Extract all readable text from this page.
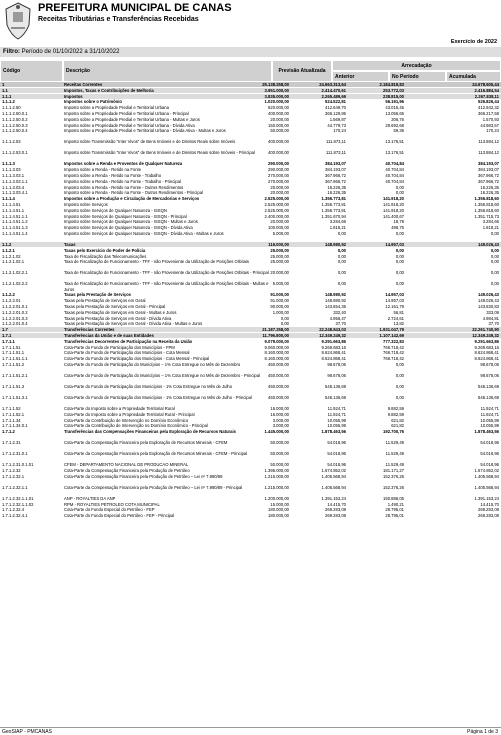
PREFEITURA MUNICIPAL DE CANAS
Receitas Tributárias e Transferências Recebidas
Exercício de 2022
Filtro: Período de 01/10/2022 a 31/10/2022
Código	Descrição	Previsão Atualizada
Arrecadação
Anterior	No Período	Acumulada
1	Receitas Correntes	25.138.258,00	24.663.313,64	2.184.819,83	24.678.605,44
1.1	Impostos, Taxas e Contribuições de Melhoria	3.951.000,00	2.414.470,61	253.772,03	2.416.884,54
1.1.1	Impostos	3.835.000,00	2.265.489,69	238.815,00	2.267.838,11
1.1.1.2	Impostos sobre o Patrimônio	1.020.000,00	524.522,81	56.191,96	526.826,44
1.1.1.2.50	Imposto sobre a Propriedade Predial e Territorial Urbana	620.000,00	412.649,70	43.015,45	412.942,32
1.1.1.2.50.0.1	Imposto sobre a Propriedade Predial e Territorial Urbana - Principal	400.000,00	366.129,86	13.056,65	366.217,58
1.1.1.2.50.0.2	Imposto sobre a Propriedade Predial e Territorial Urbana - Multas e Juros	20.000,00	1.569,87	206,76	1.570,93
1.1.1.2.50.0.3	Imposto sobre a Propriedade Predial e Territorial Urbana - Dívida Ativa	150.000,00	44.779,73	29.692,68	44.983,57
1.1.1.2.50.0.4	Imposto sobre a Propriedade Predial e Territorial Urbana - Dívida Ativa - Multas e Juros	50.000,00	170,24	59,36	170,24
1.1.1.2.53	Imposto sobre Transmissão "Inter Vivos" de Bens Imóveis e de Direitos Reais sobre Imóveis	400.000,00	111.873,11	13.176,51	113.884,12
1.1.1.2.53.0.1	Imposto sobre Transmissão "Inter Vivos" de Bens Imóveis e de Direitos Reais sobre Imóveis - Principal	400.000,00	111.873,11	13.176,51	113.884,12
1.1.1.3	Impostos sobre a Renda e Proventos de Qualquer Natureza	290.000,00	384.193,07	40.704,84	384.193,07
1.1.1.3.03	Imposto sobre a Renda - Retido na Fonte	290.000,00	384.193,07	40.704,84	384.193,07
1.1.1.3.03.1	Imposto sobre a Renda - Retido na Fonte - Trabalho	270.000,00	367.966,72	40.704,84	367.966,72
1.1.1.3.03.1.1	Imposto sobre a Renda - Retido na Fonte - Trabalho - Principal	270.000,00	367.966,72	40.704,84	367.966,72
1.1.1.3.03.4	Imposto sobre a Renda - Retido na Fonte - Outros Rendimentos	20.000,00	16.226,35	0,00	16.226,35
1.1.1.3.03.4.1	Imposto sobre a Renda - Retido na Fonte - Outros Rendimentos - Principal	20.000,00	16.226,35	0,00	16.226,35
1.1.1.4	Impostos sobre a Produção e Circulação de Mercadorias e Serviços	2.525.000,00	1.356.773,81	141.918,20	1.356.818,60
1.1.1.4.51	Imposto sobre Serviços	2.525.000,00	1.356.773,81	141.918,20	1.356.818,60
1.1.1.4.51.1	Imposto sobre Serviços de Qualquer Natureza - ISSQN	2.525.000,00	1.356.773,81	141.918,20	1.356.818,60
1.1.1.4.51.1.1	Imposto sobre Serviços de Qualquer Natureza - ISSQN - Principal	2.400.000,00	1.351.670,94	141.400,67	1.351.715,73
1.1.1.4.51.1.2	Imposto sobre Serviços de Qualquer Natureza - ISSQN - Multas e Juros	20.000,00	3.284,66	18,78	3.284,66
1.1.1.4.51.1.3	Imposto sobre Serviços de Qualquer Natureza - ISSQN - Dívida Ativa	100.000,00	1.818,21	498,75	1.818,21
1.1.1.4.51.1.4	Imposto sobre Serviços de Qualquer Natureza - ISSQN - Dívida Ativa - Multas e Juros	5.000,00	0,00	0,00	0,00
1.1.2	Taxas	116.000,00	148.980,92	14.957,03	149.026,43
1.1.2.1	Taxas pelo Exercício do Poder de Polícia	25.000,00	0,00	0,00	0,00
1.1.2.1.02	Taxa de Fiscalização das Telecomunicações	25.000,00	0,00	0,00	0,00
1.1.2.1.02.1	Taxa de Fiscalização de Funcionamento - TFF - não Proveniente da Utilização de Posições Orbitais	25.000,00	0,00	0,00	0,00
1.1.2.1.02.2.1	Taxa de Fiscalização de Funcionamento - TFF - não Proveniente da Utilização de Posições Orbitais - Principal 20.000,00	0,00	0,00	0,00
1.1.2.1.02.2.2	Taxa de Fiscalização de Funcionamento - TFF - não Proveniente da Utilização de Posições Orbitais - Multas e Juros
5.000,00	0,00	0,00	0,00
1.1.2.2	Taxas pela Prestação de Serviços	91.000,00	148.980,92	14.957,03	149.026,43
1.1.2.2.01	Taxas pela Prestação de Serviços em Geral	91.000,00	148.980,92	14.957,03	149.026,43
1.1.2.2.01.0.1	Taxas pela Prestação de Serviços em Geral - Principal	90.000,00	143.654,35	12.161,79	143.830,83
1.1.2.2.01.0.2	Taxas pela Prestação de Serviços em Geral - Multas e Juros	1.000,00	332,40	56,81	333,09
1.1.2.2.01.0.3	Taxas pela Prestação de Serviços em Geral - Dívida Ativa	0,00	4.956,47	2.724,61	4.984,81
1.1.2.2.01.0.4	Taxas pela Prestação de Serviços em Geral - Dívida Ativa - Multas e Juros	0,00	37,70	13,82	37,70
1.7	Transferências Correntes	21.187.258,00	22.248.843,03	1.931.047,79	22.261.740,90
1.7.1	Transferências da União e de suas Entidades	11.796.800,00	12.349.249,32	1.107.142,69	12.349.249,32
1.7.1.1	Transferências Decorrentes de Participação na Receita da União	9.079.000,00	9.291.663,86	777.322,83	9.291.663,86
1.7.1.1.51	Cota-Parte do Fundo de Participação dos Municípios - FPM	9.060.000,00	9.269.683,16	766.718,42	9.269.683,16
1.7.1.1.51.1	Cota-Parte do Fundo de Participação dos Municípios - Cota Mensal	8.160.000,00	8.624.868,41	766.718,42	8.624.868,41
1.7.1.1.51.1.1	Cota-Parte do Fundo de Participação dos Municípios - Cota Mensal - Principal	8.160.000,00	8.624.868,41	766.718,42	8.624.868,41
1.7.1.1.51.2	Cota-Parte do Fundo de Participação do Municípios – 1% Cota Entregue no Mês de Dezembro	450.000,00	98.678,06	0,00	98.678,06
1.7.1.1.51.2.1	Cota-Parte do Fundo de Participação do Municípios – 1% Cota Entregue no Mês de Dezembro - Principal	450.000,00	98.678,06	0,00	98.678,06
1.7.1.1.51.3	Cota-Parte do Fundo de Participação dos Municípios - 1% Cota Entregue no Mês de Julho	450.000,00	546.136,69	0,00	546.136,69
1.7.1.1.51.3.1	Cota-Parte do Fundo de Participação dos Municípios - 1% Cota Entregue no Mês de Julho - Principal	450.000,00	546.136,69	0,00	546.136,69
1.7.1.1.52	Cota-Parte do Imposto sobre a Propriedade Territorial Rural	16.000,00	11.924,71	9.882,59	11.924,71
1.7.1.1.52.1	Cota-Parte do Imposto sobre a Propriedade Territorial Rural - Principal	16.000,00	11.924,71	9.882,59	11.924,71
1.7.1.1.34	Cota-Parte da Contribuição de Intervenção no Domínio Econômico	3.000,00	10.055,99	621,82	10.055,99
1.7.1.1.34.0.1	Cota-Parte da Contribuição de Intervenção no Domínio Econômico - Principal	3.000,00	10.055,99	621,82	10.055,99
1.7.1.2	Transferências das Compensações Financeiras pela Exploração de Recursos Naturais	1.445.000,00	1.878.463,56	192.700,76	1.878.463,56
1.7.1.2.31	Cota-Parte da Compensação Financeira pela Exploração de Recursos Minerais - CFEM	50.000,00	54.018,96	11.529,49	54.018,96
1.7.1.2.31.0.1	Cota-Parte da Compensação Financeira pela Exploração de Recursos Minerais - CFEM - Principal	50.000,00	54.018,96	11.529,49	54.018,96
1.7.1.2.31.0.1.01	CFEM - DEPARTAMENTO NACIONAL DE PRODUCAO MINERAL	50.000,00	54.018,96	11.529,49	54.018,96
1.7.1.2.32	Cota-Parte da Compensação Financeira pela Produção de Petróleo	1.395.000,00	1.674.852,02	181.171,27	1.674.852,02
1.7.1.2.32.1	Cota-Parte da Compensação Financeira pela Produção de Petróleo – Lei nº 7.990/89	1.215.000,00	1.405.568,94	152.376,26	1.405.568,94
1.7.1.2.32.1.1	Cota-Parte da Compensação Financeira pela Produção de Petróleo – Lei nº 7.990/89 - Principal	1.215.000,00	1.405.568,94	152.376,26	1.405.568,94
1.7.1.2.32.1.1.01	ANP - ROYALTIES DA ANP	1.200.000,00	1.391.153,24	150.886,05	1.391.153,24
1.7.1.2.32.1.1.02	RPM - ROYALTIES PETROLEO COTA MUNICIPAL	15.000,00	14.415,70	1.490,21	14.415,70
1.7.1.2.32.4	Cota-Parte do Fundo Especial do Petróleo - FEP	180.000,00	269.283,08	28.795,01	269.283,08
1.7.1.2.32.4.1	Cota-Parte do Fundo Especial do Petróleo - FEP - Principal	180.000,00	269.283,08	28.795,01	269.283,08
GeoSIAP - PMCANAS	Página 1 de 3
